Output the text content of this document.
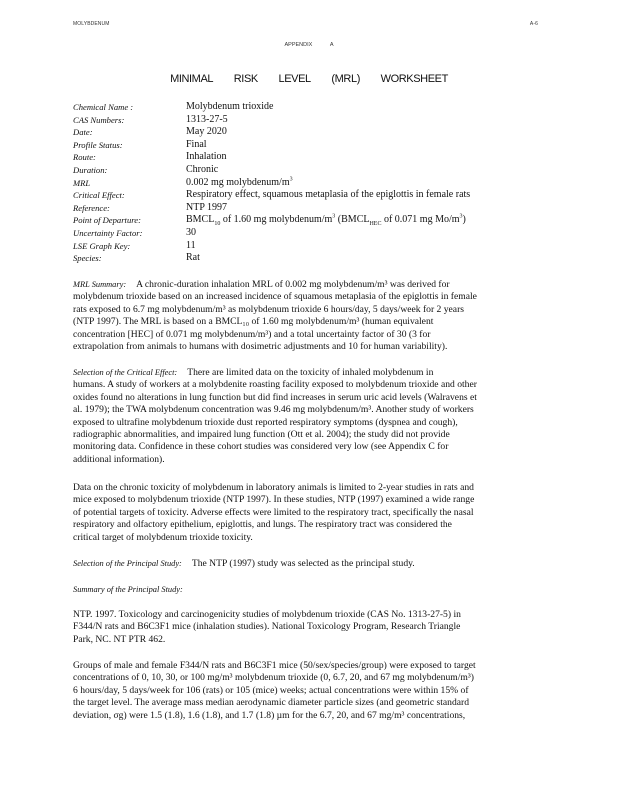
MOLYBDENUM	A-6
APPENDIX	A
MINIMAL RISK LEVEL (MRL) WORKSHEET
Chemical Name :	Molybdenum trioxide
CAS Numbers:	1313-27-5
Date:	May 2020
Profile Status:	Final
Route:	Inhalation
Duration:	Chronic
MRL	0.002 mg molybdenum/$m^3$
Critical Effect:	Respiratory effect, squamous metaplasia of the epiglottis in female rats
Reference:	NTP 1997
Point of Departure:	$BMCL_{10}$ of 1.60 mg molybdenum/$m^3$ ($BMCL_{HEC}$ of 0.071 mg $Mo/m^3$)
Uncertainty Factor:	30
LSE Graph Key:	11
Species:	Rat
MRL Summary: A chronic-duration inhalation MRL of 0.002 mg molybdenum/m³ was derived for
molybdenum trioxide based on an increased incidence of squamous metaplasia of the epiglottis in female
rats exposed to 6.7 mg molybdenum/m³ as molybdenum trioxide 6 hours/day, 5 days/week for 2 years
(NTP 1997). The MRL is based on a BMCL₁₀ of 1.60 mg molybdenum/m³ (human equivalent
concentration [HEC] of 0.071 mg molybdenum/m³) and a total uncertainty factor of 30 (3 for
extrapolation from animals to humans with dosimetric adjustments and 10 for human variability).
Selection of the Critical Effect: There are limited data on the toxicity of inhaled molybdenum in
humans. A study of workers at a molybdenite roasting facility exposed to molybdenum trioxide and other
oxides found no alterations in lung function but did find increases in serum uric acid levels (Walravens et
al. 1979); the TWA molybdenum concentration was 9.46 mg molybdenum/m³. Another study of workers
exposed to ultrafine molybdenum trioxide dust reported respiratory symptoms (dyspnea and cough),
radiographic abnormalities, and impaired lung function (Ott et al. 2004); the study did not provide
monitoring data. Confidence in these cohort studies was considered very low (see Appendix C for
additional information).
Data on the chronic toxicity of molybdenum in laboratory animals is limited to 2-year studies in rats and
mice exposed to molybdenum trioxide (NTP 1997). In these studies, NTP (1997) examined a wide range
of potential targets of toxicity. Adverse effects were limited to the respiratory tract, specifically the nasal
respiratory and olfactory epithelium, epiglottis, and lungs. The respiratory tract was considered the
critical target of molybdenum trioxide toxicity.
Selection of the Principal Study: The NTP (1997) study was selected as the principal study.
Summary of the Principal Study:
NTP. 1997. Toxicology and carcinogenicity studies of molybdenum trioxide (CAS No. 1313-27-5) in
F344/N rats and B6C3F1 mice (inhalation studies). National Toxicology Program, Research Triangle
Park, NC. NT PTR 462.
Groups of male and female F344/N rats and B6C3F1 mice (50/sex/species/group) were exposed to target
concentrations of 0, 10, 30, or 100 mg/m³ molybdenum trioxide (0, 6.7, 20, and 67 mg molybdenum/m³)
6 hours/day, 5 days/week for 106 (rats) or 105 (mice) weeks; actual concentrations were within 15% of
the target level. The average mass median aerodynamic diameter particle sizes (and geometric standard
deviation, σg) were 1.5 (1.8), 1.6 (1.8), and 1.7 (1.8) µm for the 6.7, 20, and 67 mg/m³ concentrations,
